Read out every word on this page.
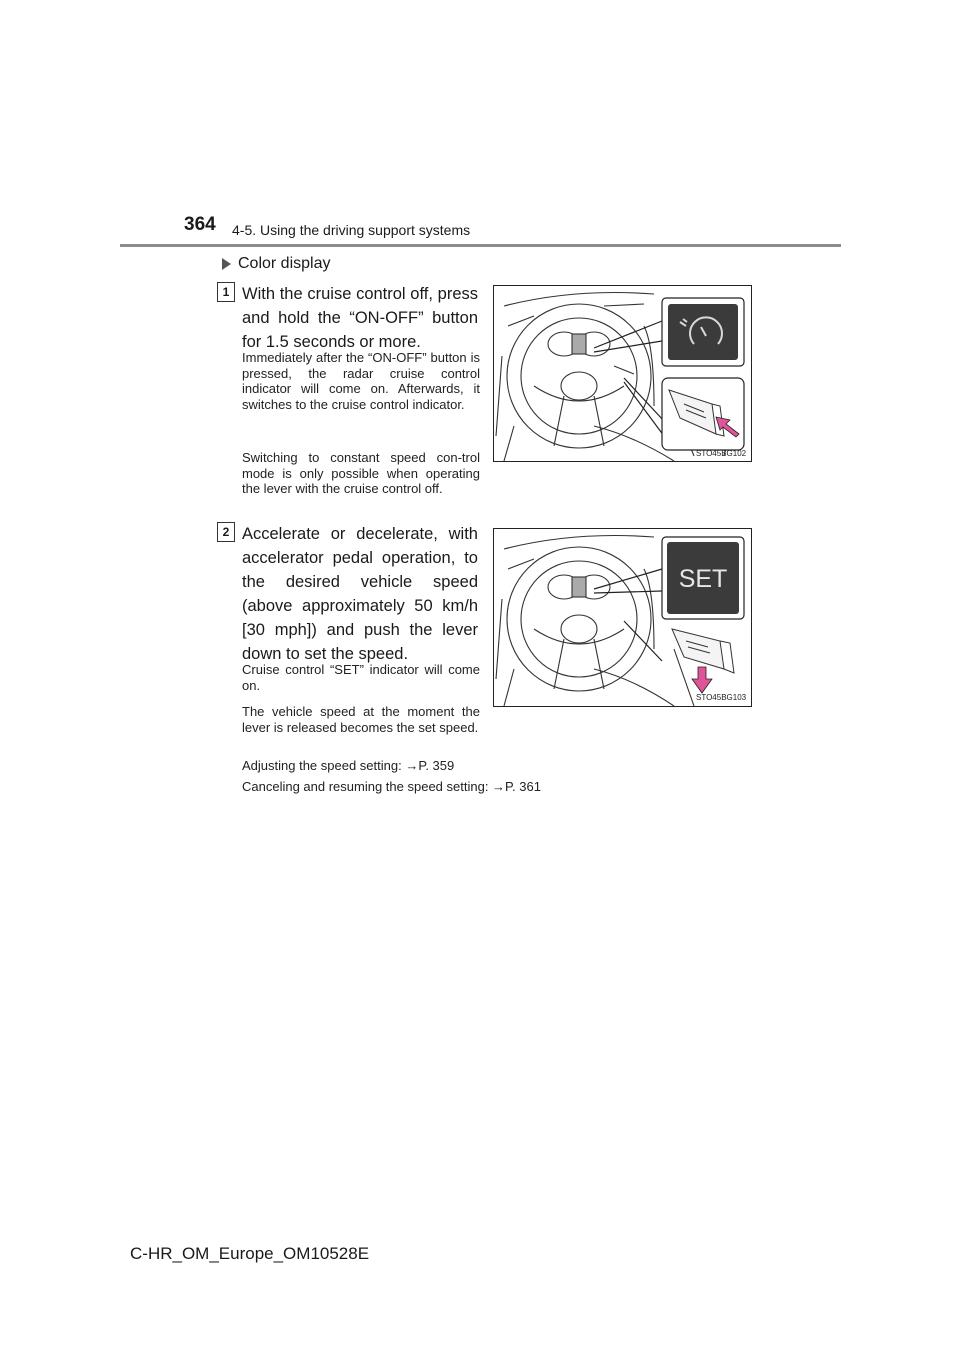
364 4-5. Using the driving support systems
Color display
1 With the cruise control off, press and hold the “ON-OFF” button for 1.5 seconds or more.
Immediately after the “ON-OFF” button is pressed, the radar cruise control indicator will come on. Afterwards, it switches to the cruise control indicator.
Switching to constant speed con-trol mode is only possible when operating the lever with the cruise control off.
STO45BG102
2 Accelerate or decelerate, with accelerator pedal operation, to the desired vehicle speed (above approximately 50 km/h [30 mph]) and push the lever down to set the speed.
Cruise control “SET” indicator will come on.
The vehicle speed at the moment the lever is released becomes the set speed.
SET
STO45BG103
Adjusting the speed setting: →P. 359
Canceling and resuming the speed setting: →P. 361
C-HR_OM_Europe_OM10528E
